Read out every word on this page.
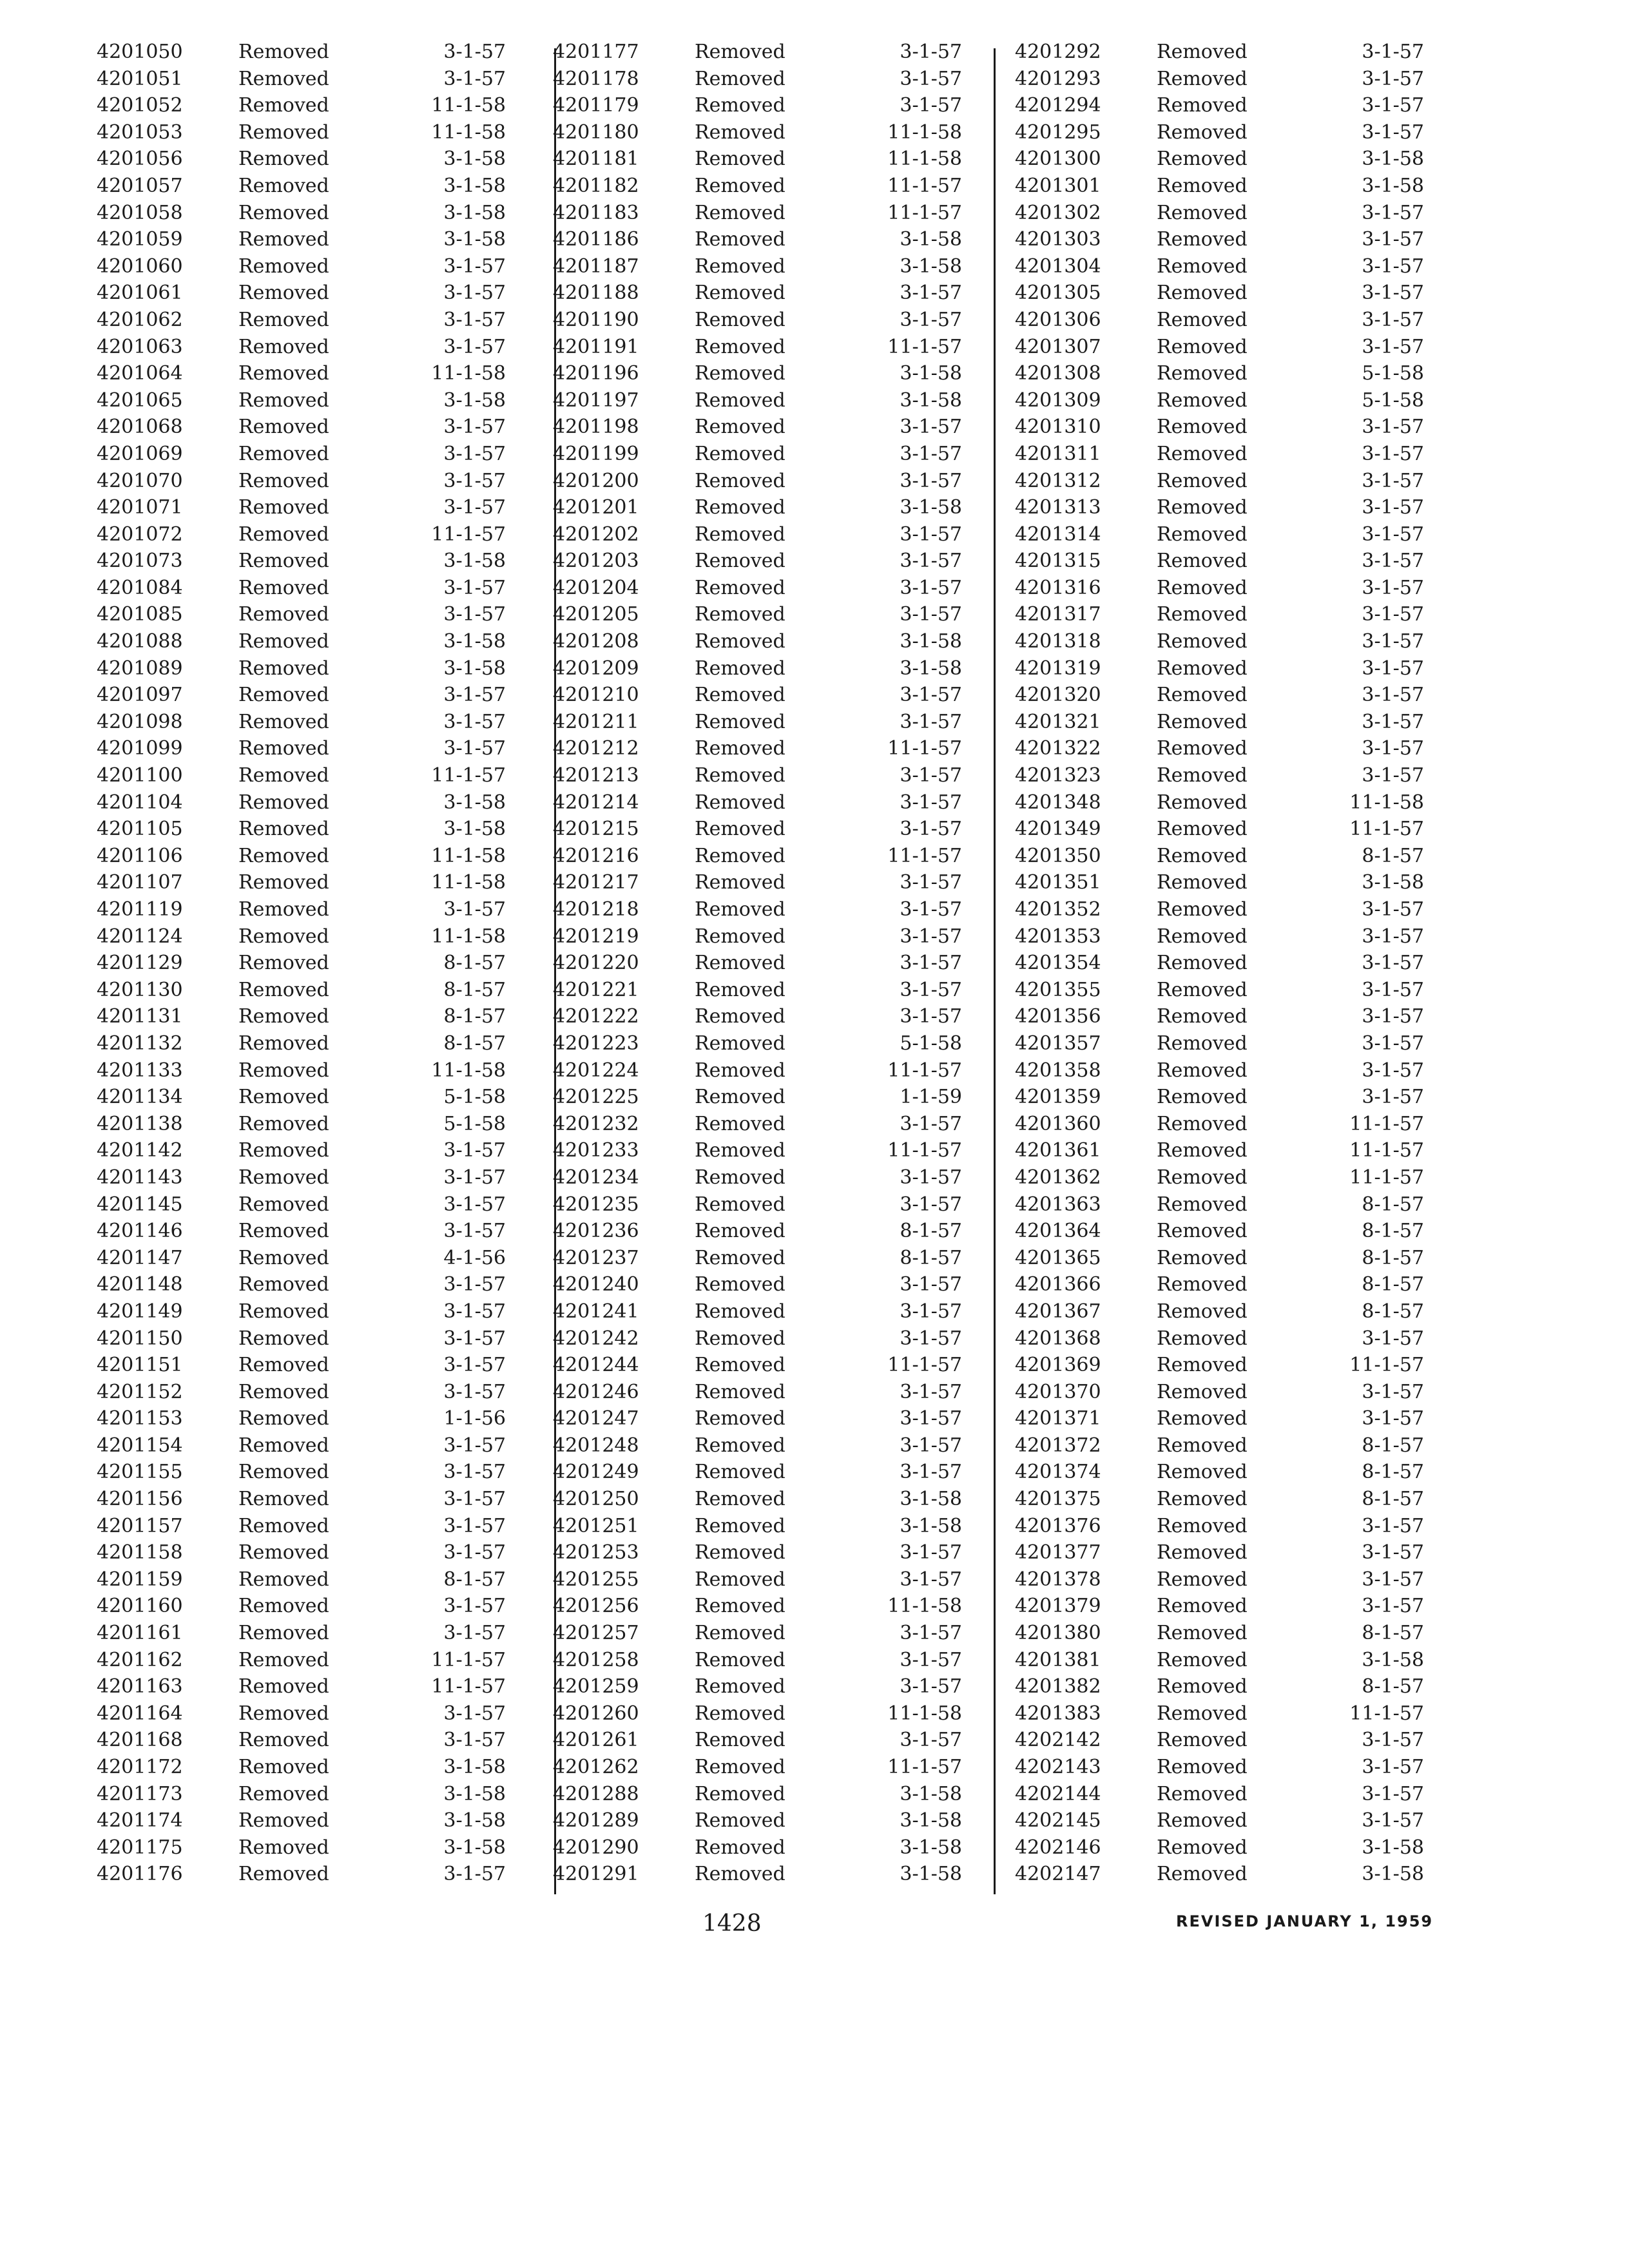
4201050	Removed	3-1-57
4201051	Removed	3-1-57
4201052	Removed	11-1-58
4201053	Removed	11-1-58
4201056	Removed	3-1-58
4201057	Removed	3-1-58
4201058	Removed	3-1-58
4201059	Removed	3-1-58
4201060	Removed	3-1-57
4201061	Removed	3-1-57
4201062	Removed	3-1-57
4201063	Removed	3-1-57
4201064	Removed	11-1-58
4201065	Removed	3-1-58
4201068	Removed	3-1-57
4201069	Removed	3-1-57
4201070	Removed	3-1-57
4201071	Removed	3-1-57
4201072	Removed	11-1-57
4201073	Removed	3-1-58
4201084	Removed	3-1-57
4201085	Removed	3-1-57
4201088	Removed	3-1-58
4201089	Removed	3-1-58
4201097	Removed	3-1-57
4201098	Removed	3-1-57
4201099	Removed	3-1-57
4201100	Removed	11-1-57
4201104	Removed	3-1-58
4201105	Removed	3-1-58
4201106	Removed	11-1-58
4201107	Removed	11-1-58
4201119	Removed	3-1-57
4201124	Removed	11-1-58
4201129	Removed	8-1-57
4201130	Removed	8-1-57
4201131	Removed	8-1-57
4201132	Removed	8-1-57
4201133	Removed	11-1-58
4201134	Removed	5-1-58
4201138	Removed	5-1-58
4201142	Removed	3-1-57
4201143	Removed	3-1-57
4201145	Removed	3-1-57
4201146	Removed	3-1-57
4201147	Removed	4-1-56
4201148	Removed	3-1-57
4201149	Removed	3-1-57
4201150	Removed	3-1-57
4201151	Removed	3-1-57
4201152	Removed	3-1-57
4201153	Removed	1-1-56
4201154	Removed	3-1-57
4201155	Removed	3-1-57
4201156	Removed	3-1-57
4201157	Removed	3-1-57
4201158	Removed	3-1-57
4201159	Removed	8-1-57
4201160	Removed	3-1-57
4201161	Removed	3-1-57
4201162	Removed	11-1-57
4201163	Removed	11-1-57
4201164	Removed	3-1-57
4201168	Removed	3-1-57
4201172	Removed	3-1-58
4201173	Removed	3-1-58
4201174	Removed	3-1-58
4201175	Removed	3-1-58
4201176	Removed	3-1-57
4201177	Removed	3-1-57
4201178	Removed	3-1-57
4201179	Removed	3-1-57
4201180	Removed	11-1-58
4201181	Removed	11-1-58
4201182	Removed	11-1-57
4201183	Removed	11-1-57
4201186	Removed	3-1-58
4201187	Removed	3-1-58
4201188	Removed	3-1-57
4201190	Removed	3-1-57
4201191	Removed	11-1-57
4201196	Removed	3-1-58
4201197	Removed	3-1-58
4201198	Removed	3-1-57
4201199	Removed	3-1-57
4201200	Removed	3-1-57
4201201	Removed	3-1-58
4201202	Removed	3-1-57
4201203	Removed	3-1-57
4201204	Removed	3-1-57
4201205	Removed	3-1-57
4201208	Removed	3-1-58
4201209	Removed	3-1-58
4201210	Removed	3-1-57
4201211	Removed	3-1-57
4201212	Removed	11-1-57
4201213	Removed	3-1-57
4201214	Removed	3-1-57
4201215	Removed	3-1-57
4201216	Removed	11-1-57
4201217	Removed	3-1-57
4201218	Removed	3-1-57
4201219	Removed	3-1-57
4201220	Removed	3-1-57
4201221	Removed	3-1-57
4201222	Removed	3-1-57
4201223	Removed	5-1-58
4201224	Removed	11-1-57
4201225	Removed	1-1-59
4201232	Removed	3-1-57
4201233	Removed	11-1-57
4201234	Removed	3-1-57
4201235	Removed	3-1-57
4201236	Removed	8-1-57
4201237	Removed	8-1-57
4201240	Removed	3-1-57
4201241	Removed	3-1-57
4201242	Removed	3-1-57
4201244	Removed	11-1-57
4201246	Removed	3-1-57
4201247	Removed	3-1-57
4201248	Removed	3-1-57
4201249	Removed	3-1-57
4201250	Removed	3-1-58
4201251	Removed	3-1-58
4201253	Removed	3-1-57
4201255	Removed	3-1-57
4201256	Removed	11-1-58
4201257	Removed	3-1-57
4201258	Removed	3-1-57
4201259	Removed	3-1-57
4201260	Removed	11-1-58
4201261	Removed	3-1-57
4201262	Removed	11-1-57
4201288	Removed	3-1-58
4201289	Removed	3-1-58
4201290	Removed	3-1-58
4201291	Removed	3-1-58
4201292	Removed	3-1-57
4201293	Removed	3-1-57
4201294	Removed	3-1-57
4201295	Removed	3-1-57
4201300	Removed	3-1-58
4201301	Removed	3-1-58
4201302	Removed	3-1-57
4201303	Removed	3-1-57
4201304	Removed	3-1-57
4201305	Removed	3-1-57
4201306	Removed	3-1-57
4201307	Removed	3-1-57
4201308	Removed	5-1-58
4201309	Removed	5-1-58
4201310	Removed	3-1-57
4201311	Removed	3-1-57
4201312	Removed	3-1-57
4201313	Removed	3-1-57
4201314	Removed	3-1-57
4201315	Removed	3-1-57
4201316	Removed	3-1-57
4201317	Removed	3-1-57
4201318	Removed	3-1-57
4201319	Removed	3-1-57
4201320	Removed	3-1-57
4201321	Removed	3-1-57
4201322	Removed	3-1-57
4201323	Removed	3-1-57
4201348	Removed	11-1-58
4201349	Removed	11-1-57
4201350	Removed	8-1-57
4201351	Removed	3-1-58
4201352	Removed	3-1-57
4201353	Removed	3-1-57
4201354	Removed	3-1-57
4201355	Removed	3-1-57
4201356	Removed	3-1-57
4201357	Removed	3-1-57
4201358	Removed	3-1-57
4201359	Removed	3-1-57
4201360	Removed	11-1-57
4201361	Removed	11-1-57
4201362	Removed	11-1-57
4201363	Removed	8-1-57
4201364	Removed	8-1-57
4201365	Removed	8-1-57
4201366	Removed	8-1-57
4201367	Removed	8-1-57
4201368	Removed	3-1-57
4201369	Removed	11-1-57
4201370	Removed	3-1-57
4201371	Removed	3-1-57
4201372	Removed	8-1-57
4201374	Removed	8-1-57
4201375	Removed	8-1-57
4201376	Removed	3-1-57
4201377	Removed	3-1-57
4201378	Removed	3-1-57
4201379	Removed	3-1-57
4201380	Removed	8-1-57
4201381	Removed	3-1-58
4201382	Removed	8-1-57
4201383	Removed	11-1-57
4202142	Removed	3-1-57
4202143	Removed	3-1-57
4202144	Removed	3-1-57
4202145	Removed	3-1-57
4202146	Removed	3-1-58
4202147	Removed	3-1-58
1428	REVISED JANUARY 1, 1959
